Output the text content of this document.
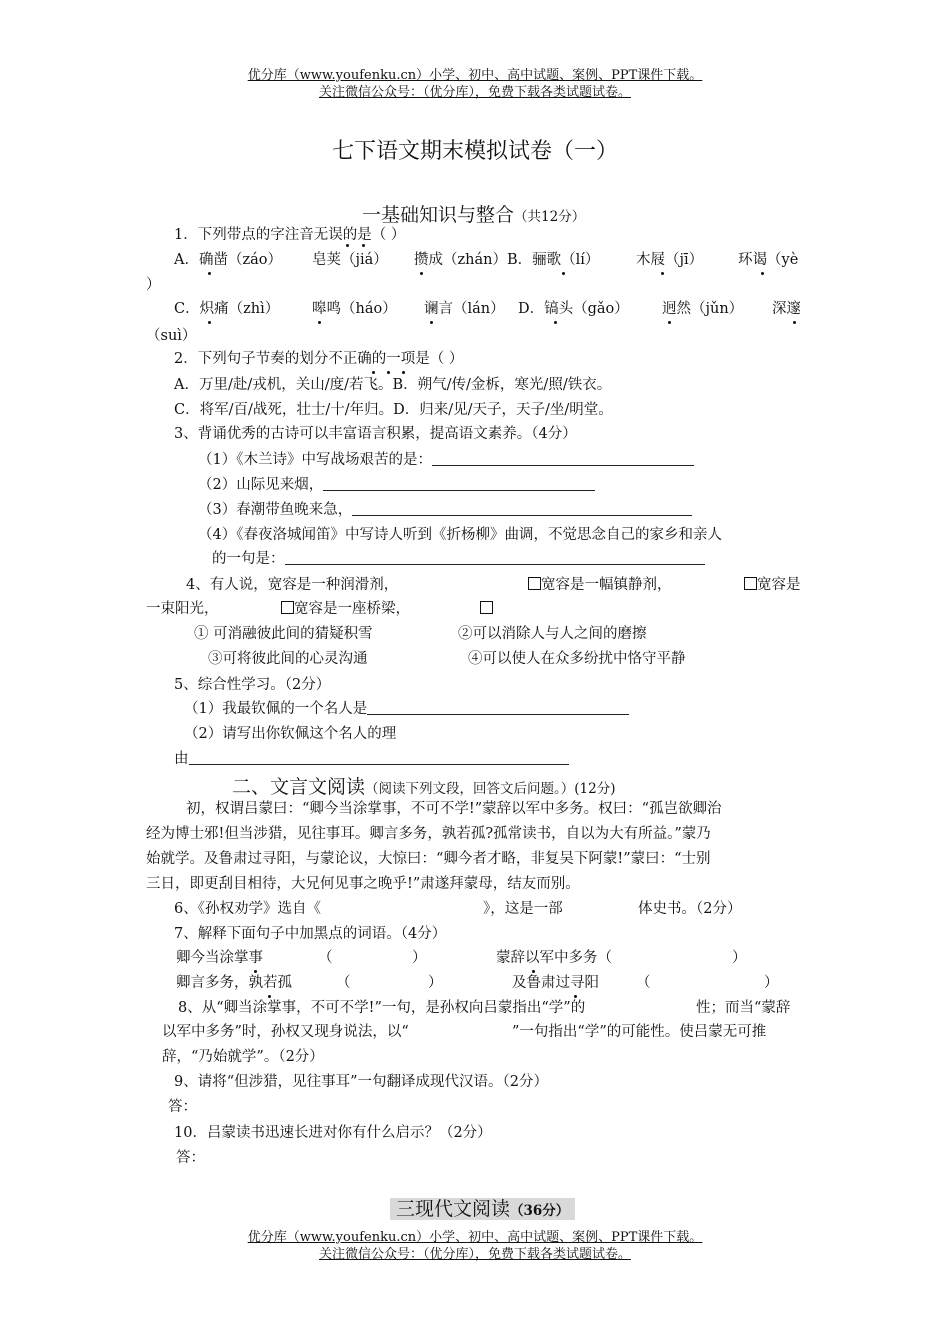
优分库（www.youfenku.cn）小学、初中、高中试题、案例、PPT课件下载。
关注微信公众号：（优分库），免费下载各类试题试卷。
七下语文期末模拟试卷（一）
一基础知识与整合（共12分）
1．下列带点的字注音无误的是（ ）
A．确凿（záo） 皂荚（jiá） 攒成（zhán）B．骊歌（lí）	木屐（jī） 环谒（yè
）
C．炽痛（zhì） 嗥鸣（háo） 谰言（lán） D．镐头（gǎo） 迥然（jǔn） 深邃
（suì）
2．下列句子节奏的划分不正确的一项是（ ）
A．万里/赴/戎机，关山/度/若飞。B．朔气/传/金柝，寒光/照/铁衣。
C．将军/百/战死，壮士/十/年归。D．归来/见/天子，天子/坐/明堂。
3、背诵优秀的古诗可以丰富语言积累，提高语文素养。（4分）
（1）《木兰诗》中写战场艰苦的是：
（2）山际见来烟，
（3）春潮带鱼晚来急，
（4）《春夜洛城闻笛》中写诗人听到《折杨柳》曲调，不觉思念自己的家乡和亲人
的一句是：
4、有人说，宽容是一种润滑剂，	宽容是一幅镇静剂，	宽容是
一束阳光，	宽容是一座桥梁，
① 可消融彼此间的猜疑积雪	②可以消除人与人之间的磨擦
③可将彼此间的心灵沟通	④可以使人在众多纷扰中恪守平静
5、综合性学习。（2分）
（1）我最钦佩的一个名人是
（2）请写出你钦佩这个名人的理
由
二、文言文阅读（阅读下列文段，回答文后问题。）(12分)
初，权谓吕蒙曰：“卿今当涂掌事，不可不学!”蒙辞以军中多务。权曰：“孤岂欲卿治
经为博士邪!但当涉猎，见往事耳。卿言多务，孰若孤?孤常读书，自以为大有所益。”蒙乃
始就学。及鲁肃过寻阳，与蒙论议，大惊曰：“卿今者才略，非复吴下阿蒙!”蒙曰：“士别
三日，即更刮目相待，大兄何见事之晚乎!”肃遂拜蒙母，结友而别。
6、《孙权劝学》选自《	》，这是一部	体史书。（2分）
7、解释下面句子中加黑点的词语。（4分）
卿今当涂掌事	（	）	蒙辞以军中多务（	）
卿言多务，孰若孤	（	）	及鲁肃过寻阳	（	）
8、从“卿当涂掌事，不可不学!”一句，是孙权向吕蒙指出“学”的	性；而当“蒙辞
以军中多务”时，孙权又现身说法，以“	”一句指出“学”的可能性。使吕蒙无可推
辞，“乃始就学”。（2分）
9、请将“但涉猎，见往事耳”一句翻译成现代汉语。（2分）
答：
10．吕蒙读书迅速长进对你有什么启示？（2分）
答：
三现代文阅读（36分）
优分库（www.youfenku.cn）小学、初中、高中试题、案例、PPT课件下载。
关注微信公众号：（优分库），免费下载各类试题试卷。
